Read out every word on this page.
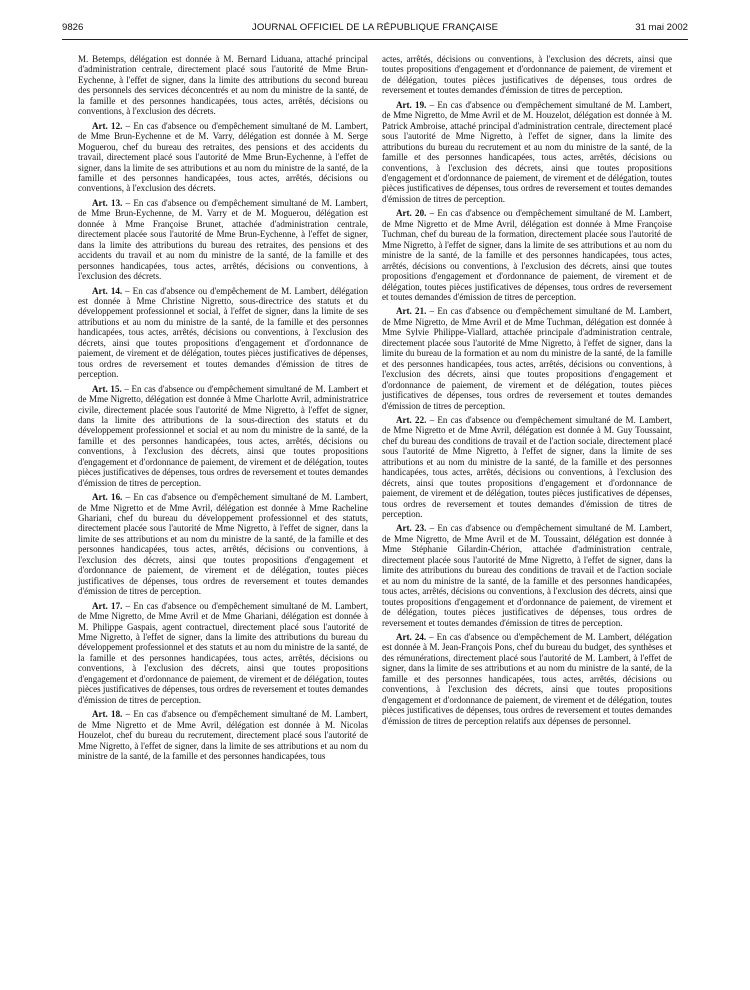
9826	JOURNAL OFFICIEL DE LA RÉPUBLIQUE FRANÇAISE	31 mai 2002

M. Betemps, délégation est donnée à M. Bernard Liduana, attaché principal d'administration centrale, directement placé sous l'autorité de Mme Brun-Eychenne, à l'effet de signer, dans la limite des attributions du second bureau des personnels des services déconcentrés et au nom du ministre de la santé, de la famille et des personnes handicapées, tous actes, arrêtés, décisions ou conventions, à l'exclusion des décrets.

Art. 12. – En cas d'absence ou d'empêchement simultané de M. Lambert, de Mme Brun-Eychenne et de M. Varry, délégation est donnée à M. Serge Moguerou, chef du bureau des retraites, des pensions et des accidents du travail, directement placé sous l'autorité de Mme Brun-Eychenne, à l'effet de signer, dans la limite de ses attributions et au nom du ministre de la santé, de la famille et des personnes handicapées, tous actes, arrêtés, décisions ou conventions, à l'exclusion des décrets.

Art. 13. – En cas d'absence ou d'empêchement simultané de M. Lambert, de Mme Brun-Eychenne, de M. Varry et de M. Moguerou, délégation est donnée à Mme Françoise Brunet, attachée d'administration centrale, directement placée sous l'autorité de Mme Brun-Eychenne, à l'effet de signer, dans la limite des attributions du bureau des retraites, des pensions et des accidents du travail et au nom du ministre de la santé, de la famille et des personnes handicapées, tous actes, arrêtés, décisions ou conventions, à l'exclusion des décrets.

Art. 14. – En cas d'absence ou d'empêchement de M. Lambert, délégation est donnée à Mme Christine Nigretto, sous-directrice des statuts et du développement professionnel et social, à l'effet de signer, dans la limite de ses attributions et au nom du ministre de la santé, de la famille et des personnes handicapées, tous actes, arrêtés, décisions ou conventions, à l'exclusion des décrets, ainsi que toutes propositions d'engagement et d'ordonnance de paiement, de virement et de délégation, toutes pièces justificatives de dépenses, tous ordres de reversement et toutes demandes d'émission de titres de perception.

Art. 15. – En cas d'absence ou d'empêchement simultané de M. Lambert et de Mme Nigretto, délégation est donnée à Mme Charlotte Avril, administratrice civile, directement placée sous l'autorité de Mme Nigretto, à l'effet de signer, dans la limite des attributions de la sous-direction des statuts et du développement professionnel et social et au nom du ministre de la santé, de la famille et des personnes handicapées, tous actes, arrêtés, décisions ou conventions, à l'exclusion des décrets, ainsi que toutes propositions d'engagement et d'ordonnance de paiement, de virement et de délégation, toutes pièces justificatives de dépenses, tous ordres de reversement et toutes demandes d'émission de titres de perception.

Art. 16. – En cas d'absence ou d'empêchement simultané de M. Lambert, de Mme Nigretto et de Mme Avril, délégation est donnée à Mme Racheline Ghariani, chef du bureau du développement professionnel et des statuts, directement placée sous l'autorité de Mme Nigretto, à l'effet de signer, dans la limite de ses attributions et au nom du ministre de la santé, de la famille et des personnes handicapées, tous actes, arrêtés, décisions ou conventions, à l'exclusion des décrets, ainsi que toutes propositions d'engagement et d'ordonnance de paiement, de virement et de délégation, toutes pièces justificatives de dépenses, tous ordres de reversement et toutes demandes d'émission de titres de perception.

Art. 17. – En cas d'absence ou d'empêchement simultané de M. Lambert, de Mme Nigretto, de Mme Avril et de Mme Ghariani, délégation est donnée à M. Philippe Gaspais, agent contractuel, directement placé sous l'autorité de Mme Nigretto, à l'effet de signer, dans la limite des attributions du bureau du développement professionnel et des statuts et au nom du ministre de la santé, de la famille et des personnes handicapées, tous actes, arrêtés, décisions ou conventions, à l'exclusion des décrets, ainsi que toutes propositions d'engagement et d'ordonnance de paiement, de virement et de délégation, toutes pièces justificatives de dépenses, tous ordres de reversement et toutes demandes d'émission de titres de perception.

Art. 18. – En cas d'absence ou d'empêchement simultané de M. Lambert, de Mme Nigretto et de Mme Avril, délégation est donnée à M. Nicolas Houzelot, chef du bureau du recrutement, directement placé sous l'autorité de Mme Nigretto, à l'effet de signer, dans la limite de ses attributions et au nom du ministre de la santé, de la famille et des personnes handicapées, tous

actes, arrêtés, décisions ou conventions, à l'exclusion des décrets, ainsi que toutes propositions d'engagement et d'ordonnance de paiement, de virement et de délégation, toutes pièces justificatives de dépenses, tous ordres de reversement et toutes demandes d'émission de titres de perception.

Art. 19. – En cas d'absence ou d'empêchement simultané de M. Lambert, de Mme Nigretto, de Mme Avril et de M. Houzelot, délégation est donnée à M. Patrick Ambroise, attaché principal d'administration centrale, directement placé sous l'autorité de Mme Nigretto, à l'effet de signer, dans la limite des attributions du bureau du recrutement et au nom du ministre de la santé, de la famille et des personnes handicapées, tous actes, arrêtés, décisions ou conventions, à l'exclusion des décrets, ainsi que toutes propositions d'engagement et d'ordonnance de paiement, de virement et de délégation, toutes pièces justificatives de dépenses, tous ordres de reversement et toutes demandes d'émission de titres de perception.

Art. 20. – En cas d'absence ou d'empêchement simultané de M. Lambert, de Mme Nigretto et de Mme Avril, délégation est donnée à Mme Françoise Tuchman, chef du bureau de la formation, directement placée sous l'autorité de Mme Nigretto, à l'effet de signer, dans la limite de ses attributions et au nom du ministre de la santé, de la famille et des personnes handicapées, tous actes, arrêtés, décisions ou conventions, à l'exclusion des décrets, ainsi que toutes propositions d'engagement et d'ordonnance de paiement, de virement et de délégation, toutes pièces justificatives de dépenses, tous ordres de reversement et toutes demandes d'émission de titres de perception.

Art. 21. – En cas d'absence ou d'empêchement simultané de M. Lambert, de Mme Nigretto, de Mme Avril et de Mme Tuchman, délégation est donnée à Mme Sylvie Philippe-Viallard, attachée principale d'administration centrale, directement placée sous l'autorité de Mme Nigretto, à l'effet de signer, dans la limite du bureau de la formation et au nom du ministre de la santé, de la famille et des personnes handicapées, tous actes, arrêtés, décisions ou conventions, à l'exclusion des décrets, ainsi que toutes propositions d'engagement et d'ordonnance de paiement, de virement et de délégation, toutes pièces justificatives de dépenses, tous ordres de reversement et toutes demandes d'émission de titres de perception.

Art. 22. – En cas d'absence ou d'empêchement simultané de M. Lambert, de Mme Nigretto et de Mme Avril, délégation est donnée à M. Guy Toussaint, chef du bureau des conditions de travail et de l'action sociale, directement placé sous l'autorité de Mme Nigretto, à l'effet de signer, dans la limite de ses attributions et au nom du ministre de la santé, de la famille et des personnes handicapées, tous actes, arrêtés, décisions ou conventions, à l'exclusion des décrets, ainsi que toutes propositions d'engagement et d'ordonnance de paiement, de virement et de délégation, toutes pièces justificatives de dépenses, tous ordres de reversement et toutes demandes d'émission de titres de perception.

Art. 23. – En cas d'absence ou d'empêchement simultané de M. Lambert, de Mme Nigretto, de Mme Avril et de M. Toussaint, délégation est donnée à Mme Stéphanie Gilardin-Chérion, attachée d'administration centrale, directement placée sous l'autorité de Mme Nigretto, à l'effet de signer, dans la limite des attributions du bureau des conditions de travail et de l'action sociale et au nom du ministre de la santé, de la famille et des personnes handicapées, tous actes, arrêtés, décisions ou conventions, à l'exclusion des décrets, ainsi que toutes propositions d'engagement et d'ordonnance de paiement, de virement et de délégation, toutes pièces justificatives de dépenses, tous ordres de reversement et toutes demandes d'émission de titres de perception.

Art. 24. – En cas d'absence ou d'empêchement de M. Lambert, délégation est donnée à M. Jean-François Pons, chef du bureau du budget, des synthèses et des rémunérations, directement placé sous l'autorité de M. Lambert, à l'effet de signer, dans la limite de ses attributions et au nom du ministre de la santé, de la famille et des personnes handicapées, tous actes, arrêtés, décisions ou conventions, à l'exclusion des décrets, ainsi que toutes propositions d'engagement et d'ordonnance de paiement, de virement et de délégation, toutes pièces justificatives de dépenses, tous ordres de reversement et toutes demandes d'émission de titres de perception relatifs aux dépenses de personnel.
